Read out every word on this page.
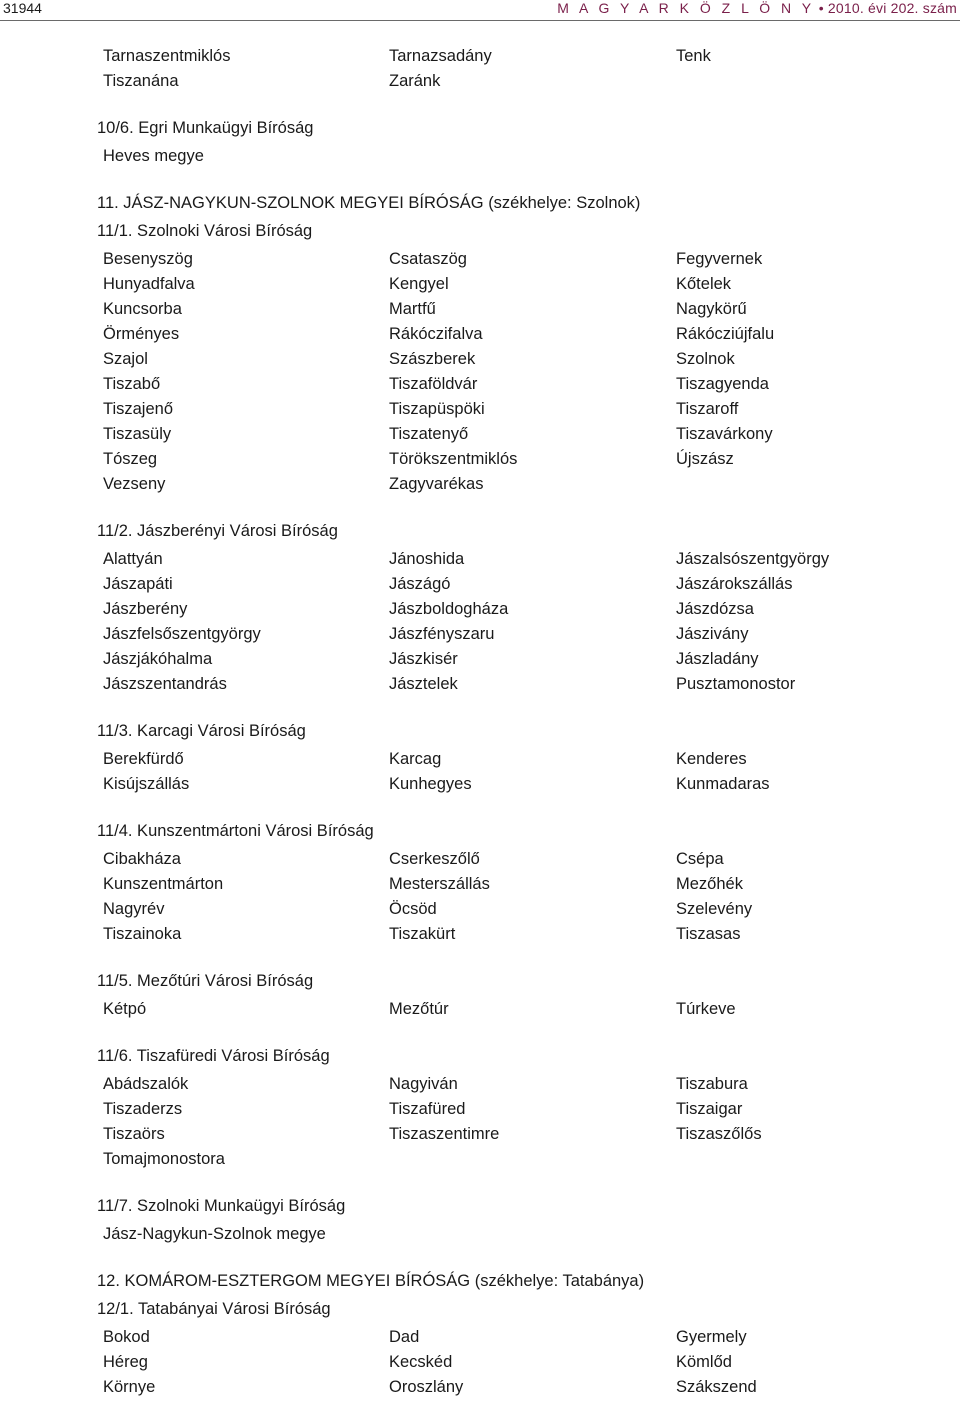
31944	M A G Y A R K Ö Z L Ö N Y • 2010. évi 202. szám
Tarnaszentmiklós	Tarnazsadány	Tenk
Tiszanána	Zaránk
10/6. Egri Munkaügyi Bíróság
Heves megye
11. JÁSZ-NAGYKUN-SZOLNOK MEGYEI BÍRÓSÁG (székhelye: Szolnok)
11/1. Szolnoki Városi Bíróság
Besenyszög	Csataszög	Fegyvernek
Hunyadfalva	Kengyel	Kőtelek
Kuncsorba	Martfű	Nagykörű
Örményes	Rákóczifalva	Rákócziújfalu
Szajol	Szászberek	Szolnok
Tiszabő	Tiszaföldvár	Tiszagyenda
Tiszajenő	Tiszapüspöki	Tiszaroff
Tiszasüly	Tiszatenyő	Tiszavárkony
Tószeg	Törökszentmiklós	Újszász
Vezseny	Zagyvarékas
11/2. Jászberényi Városi Bíróság
Alattyán	Jánoshida	Jászalsószentgyörgy
Jászapáti	Jászágó	Jászárokszállás
Jászberény	Jászboldogháza	Jászdózsa
Jászfelsőszentgyörgy	Jászfényszaru	Jászivány
Jászjákóhalma	Jászkisér	Jászladány
Jászszentandrás	Jásztelek	Pusztamonostor
11/3. Karcagi Városi Bíróság
Berekfürdő	Karcag	Kenderes
Kisújszállás	Kunhegyes	Kunmadaras
11/4. Kunszentmártoni Városi Bíróság
Cibakháza	Cserkeszőlő	Csépa
Kunszentmárton	Mesterszállás	Mezőhék
Nagyrév	Öcsöd	Szelevény
Tiszainoka	Tiszakürt	Tiszasas
11/5. Mezőtúri Városi Bíróság
Kétpó	Mezőtúr	Túrkeve
11/6. Tiszafüredi Városi Bíróság
Abádszalók	Nagyiván	Tiszabura
Tiszaderzs	Tiszafüred	Tiszaigar
Tiszaörs	Tiszaszentimre	Tiszaszőlős
Tomajmonostora
11/7. Szolnoki Munkaügyi Bíróság
Jász-Nagykun-Szolnok megye
12. KOMÁROM-ESZTERGOM MEGYEI BÍRÓSÁG (székhelye: Tatabánya)
12/1. Tatabányai Városi Bíróság
Bokod	Dad	Gyermely
Héreg	Kecskéd	Kömlőd
Környe	Oroszlány	Szákszend
